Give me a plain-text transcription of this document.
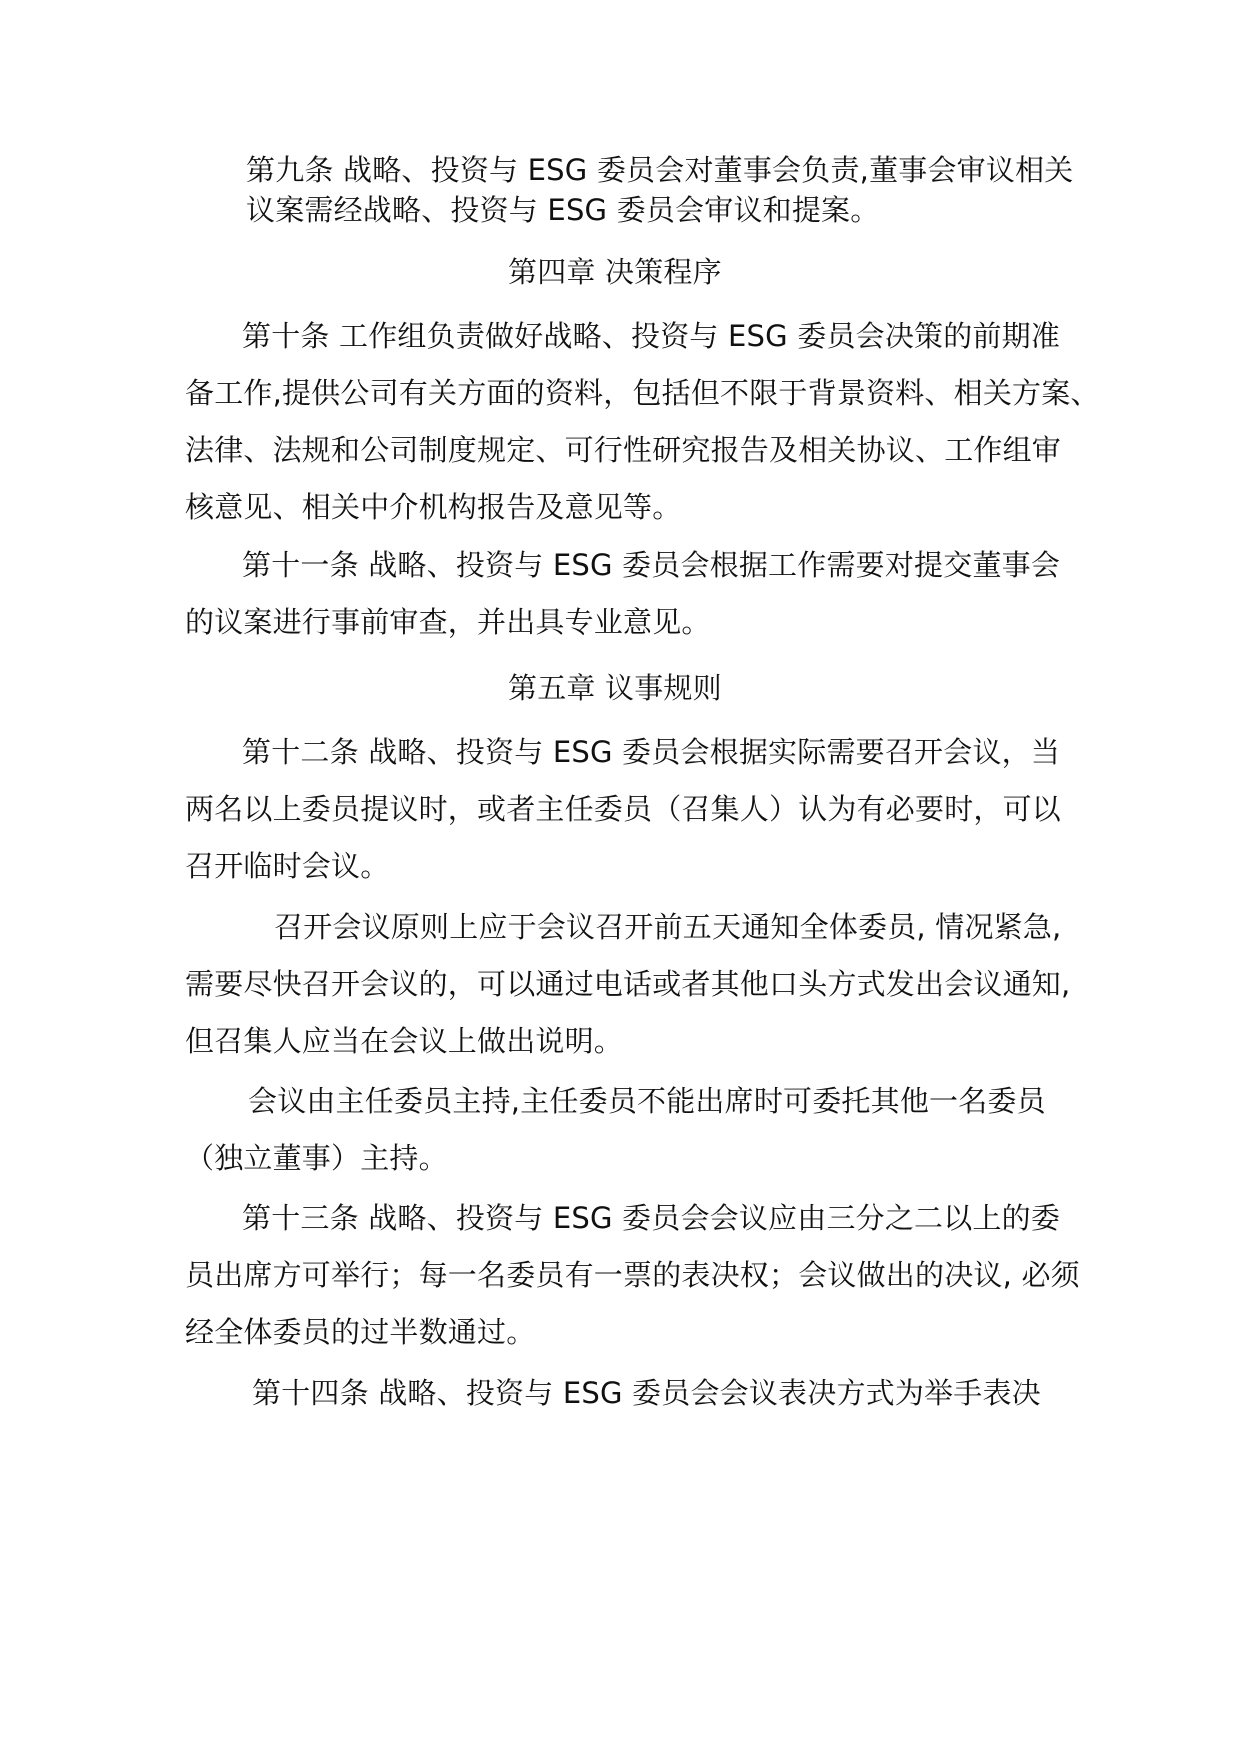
第九条 战略、投资与 ESG 委员会对董事会负责,董事会审议相关

议案需经战略、投资与 ESG 委员会审议和提案。

第四章 决策程序

第十条 工作组负责做好战略、投资与 ESG 委员会决策的前期准

备工作,提供公司有关方面的资料，包括但不限于背景资料、相关方案、

法律、法规和公司制度规定、可行性研究报告及相关协议、工作组审

核意见、相关中介机构报告及意见等。

第十一条 战略、投资与 ESG 委员会根据工作需要对提交董事会

的议案进行事前审查，并出具专业意见。

第五章 议事规则

第十二条 战略、投资与 ESG 委员会根据实际需要召开会议，当

两名以上委员提议时，或者主任委员（召集人）认为有必要时，可以

召开临时会议。

召开会议原则上应于会议召开前五天通知全体委员, 情况紧急,

需要尽快召开会议的，可以通过电话或者其他口头方式发出会议通知,

但召集人应当在会议上做出说明。

会议由主任委员主持,主任委员不能出席时可委托其他一名委员

（独立董事）主持。

第十三条 战略、投资与 ESG 委员会会议应由三分之二以上的委

员出席方可举行；每一名委员有一票的表决权；会议做出的决议, 必须

经全体委员的过半数通过。

第十四条 战略、投资与 ESG 委员会会议表决方式为举手表决
